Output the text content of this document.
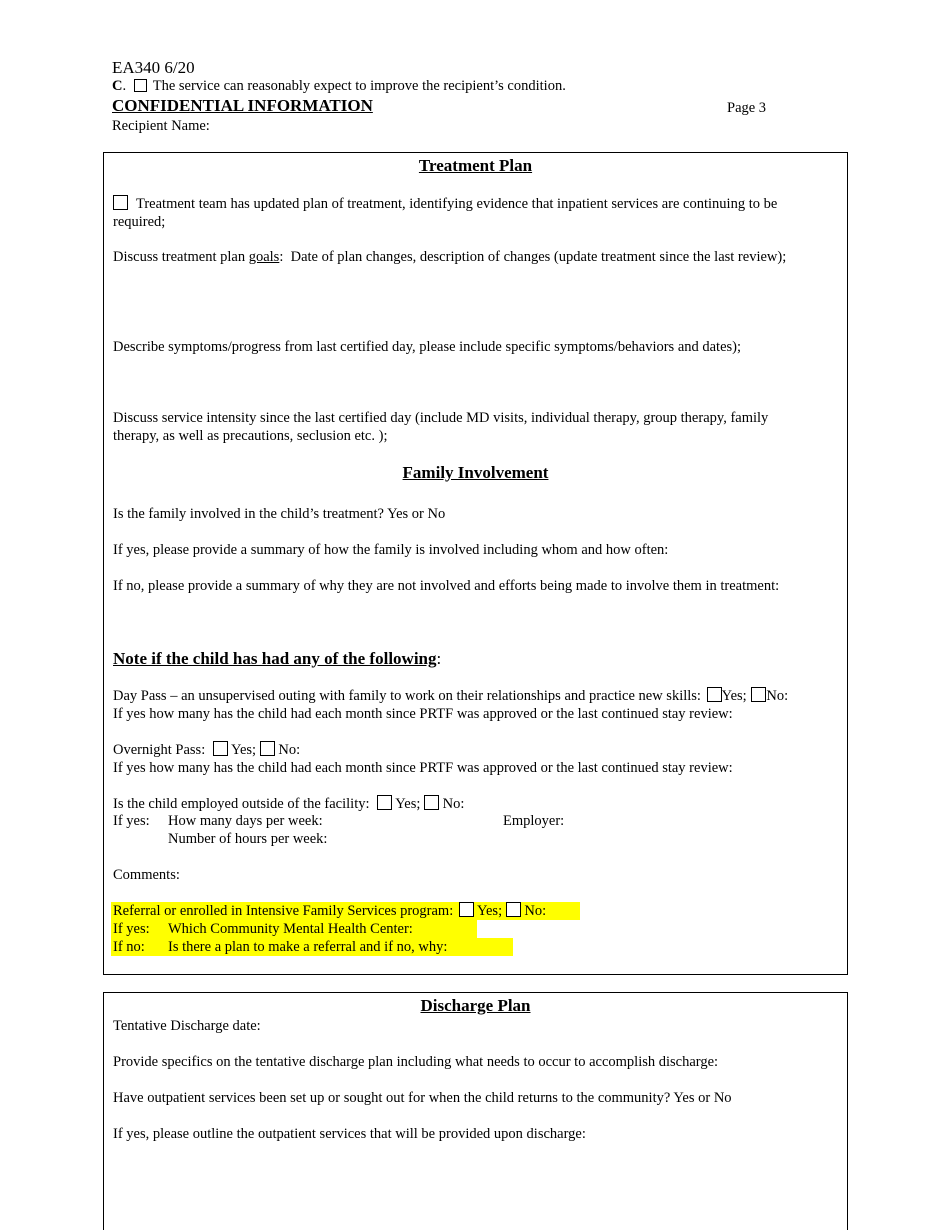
EA340 6/20
C. The service can reasonably expect to improve the recipient’s condition.
CONFIDENTIAL INFORMATION	Page 3
Recipient Name:
Treatment Plan
Treatment team has updated plan of treatment, identifying evidence that inpatient services are continuing to be
required;
Discuss treatment plan goals:  Date of plan changes, description of changes (update treatment since the last review);
Describe symptoms/progress from last certified day, please include specific symptoms/behaviors and dates);
Discuss service intensity since the last certified day (include MD visits, individual therapy, group therapy, family
therapy, as well as precautions, seclusion etc. );
Family Involvement
Is the family involved in the child’s treatment? Yes or No
If yes, please provide a summary of how the family is involved including whom and how often:
If no, please provide a summary of why they are not involved and efforts being made to involve them in treatment:
Note if the child has had any of the following:
Day Pass – an unsupervised outing with family to work on their relationships and practice new skills: Yes; No:
If yes how many has the child had each month since PRTF was approved or the last continued stay review:
Overnight Pass: Yes; No:
If yes how many has the child had each month since PRTF was approved or the last continued stay review:
Is the child employed outside of the facility: Yes; No:
If yes: How many days per week:	Employer:
Number of hours per week:
Comments:
Referral or enrolled in Intensive Family Services program: Yes; No:
If yes: Which Community Mental Health Center:
If no: Is there a plan to make a referral and if no, why:
Discharge Plan
Tentative Discharge date:
Provide specifics on the tentative discharge plan including what needs to occur to accomplish discharge:
Have outpatient services been set up or sought out for when the child returns to the community? Yes or No
If yes, please outline the outpatient services that will be provided upon discharge:
